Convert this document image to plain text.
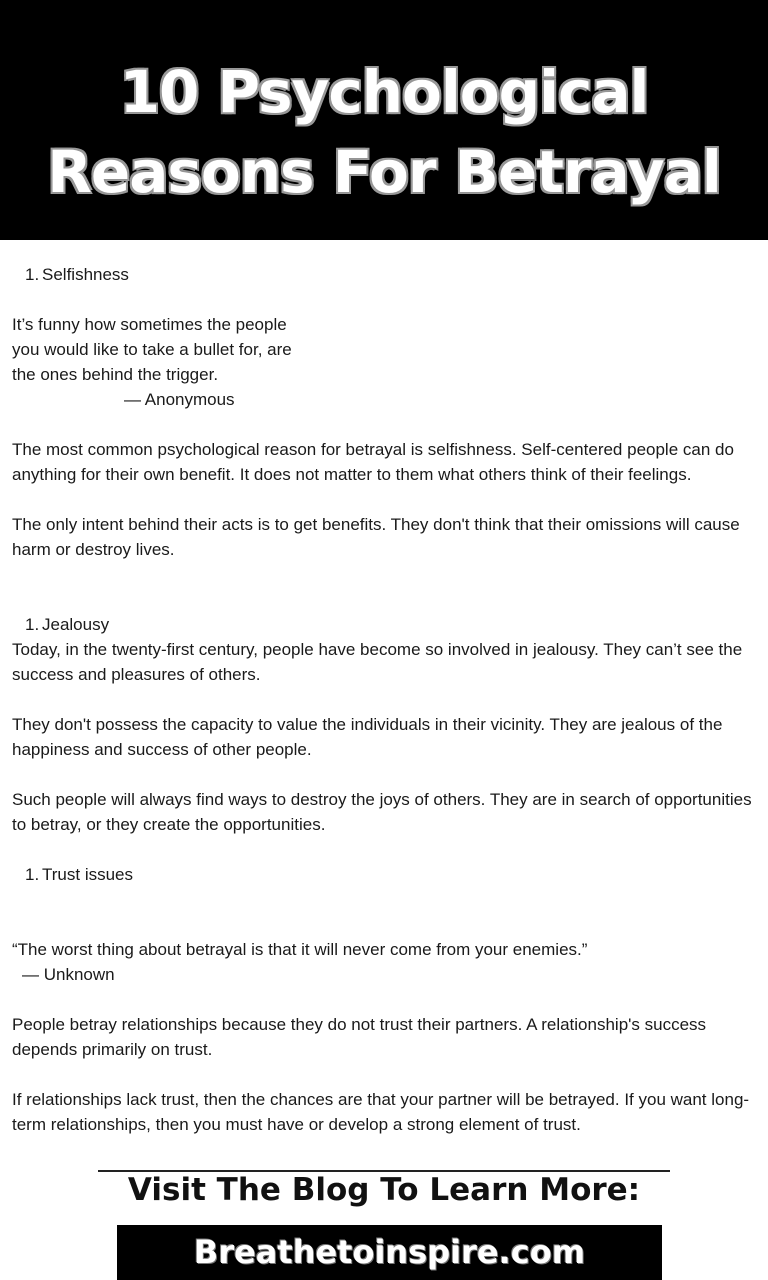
10 Psychological
Reasons For Betrayal

1. Selfishness

It’s funny how sometimes the people

you would like to take a bullet for, are

the ones behind the trigger.

— Anonymous

The most common psychological reason for betrayal is selfishness. Self-centered people can do anything for their own benefit. It does not matter to them what others think of their feelings.

The only intent behind their acts is to get benefits. They don't think that their omissions will cause harm or destroy lives.

1. Jealousy

Today, in the twenty-first century, people have become so involved in jealousy. They can’t see the success and pleasures of others.

They don't possess the capacity to value the individuals in their vicinity. They are jealous of the happiness and success of other people.

Such people will always find ways to destroy the joys of others. They are in search of opportunities to betray, or they create the opportunities.

1. Trust issues

“The worst thing about betrayal is that it will never come from your enemies.”

— Unknown

People betray relationships because they do not trust their partners. A relationship's success depends primarily on trust.

If relationships lack trust, then the chances are that your partner will be betrayed. If you want long-term relationships, then you must have or develop a strong element of trust.

Visit The Blog To Learn More:

Breathetoinspire.com
